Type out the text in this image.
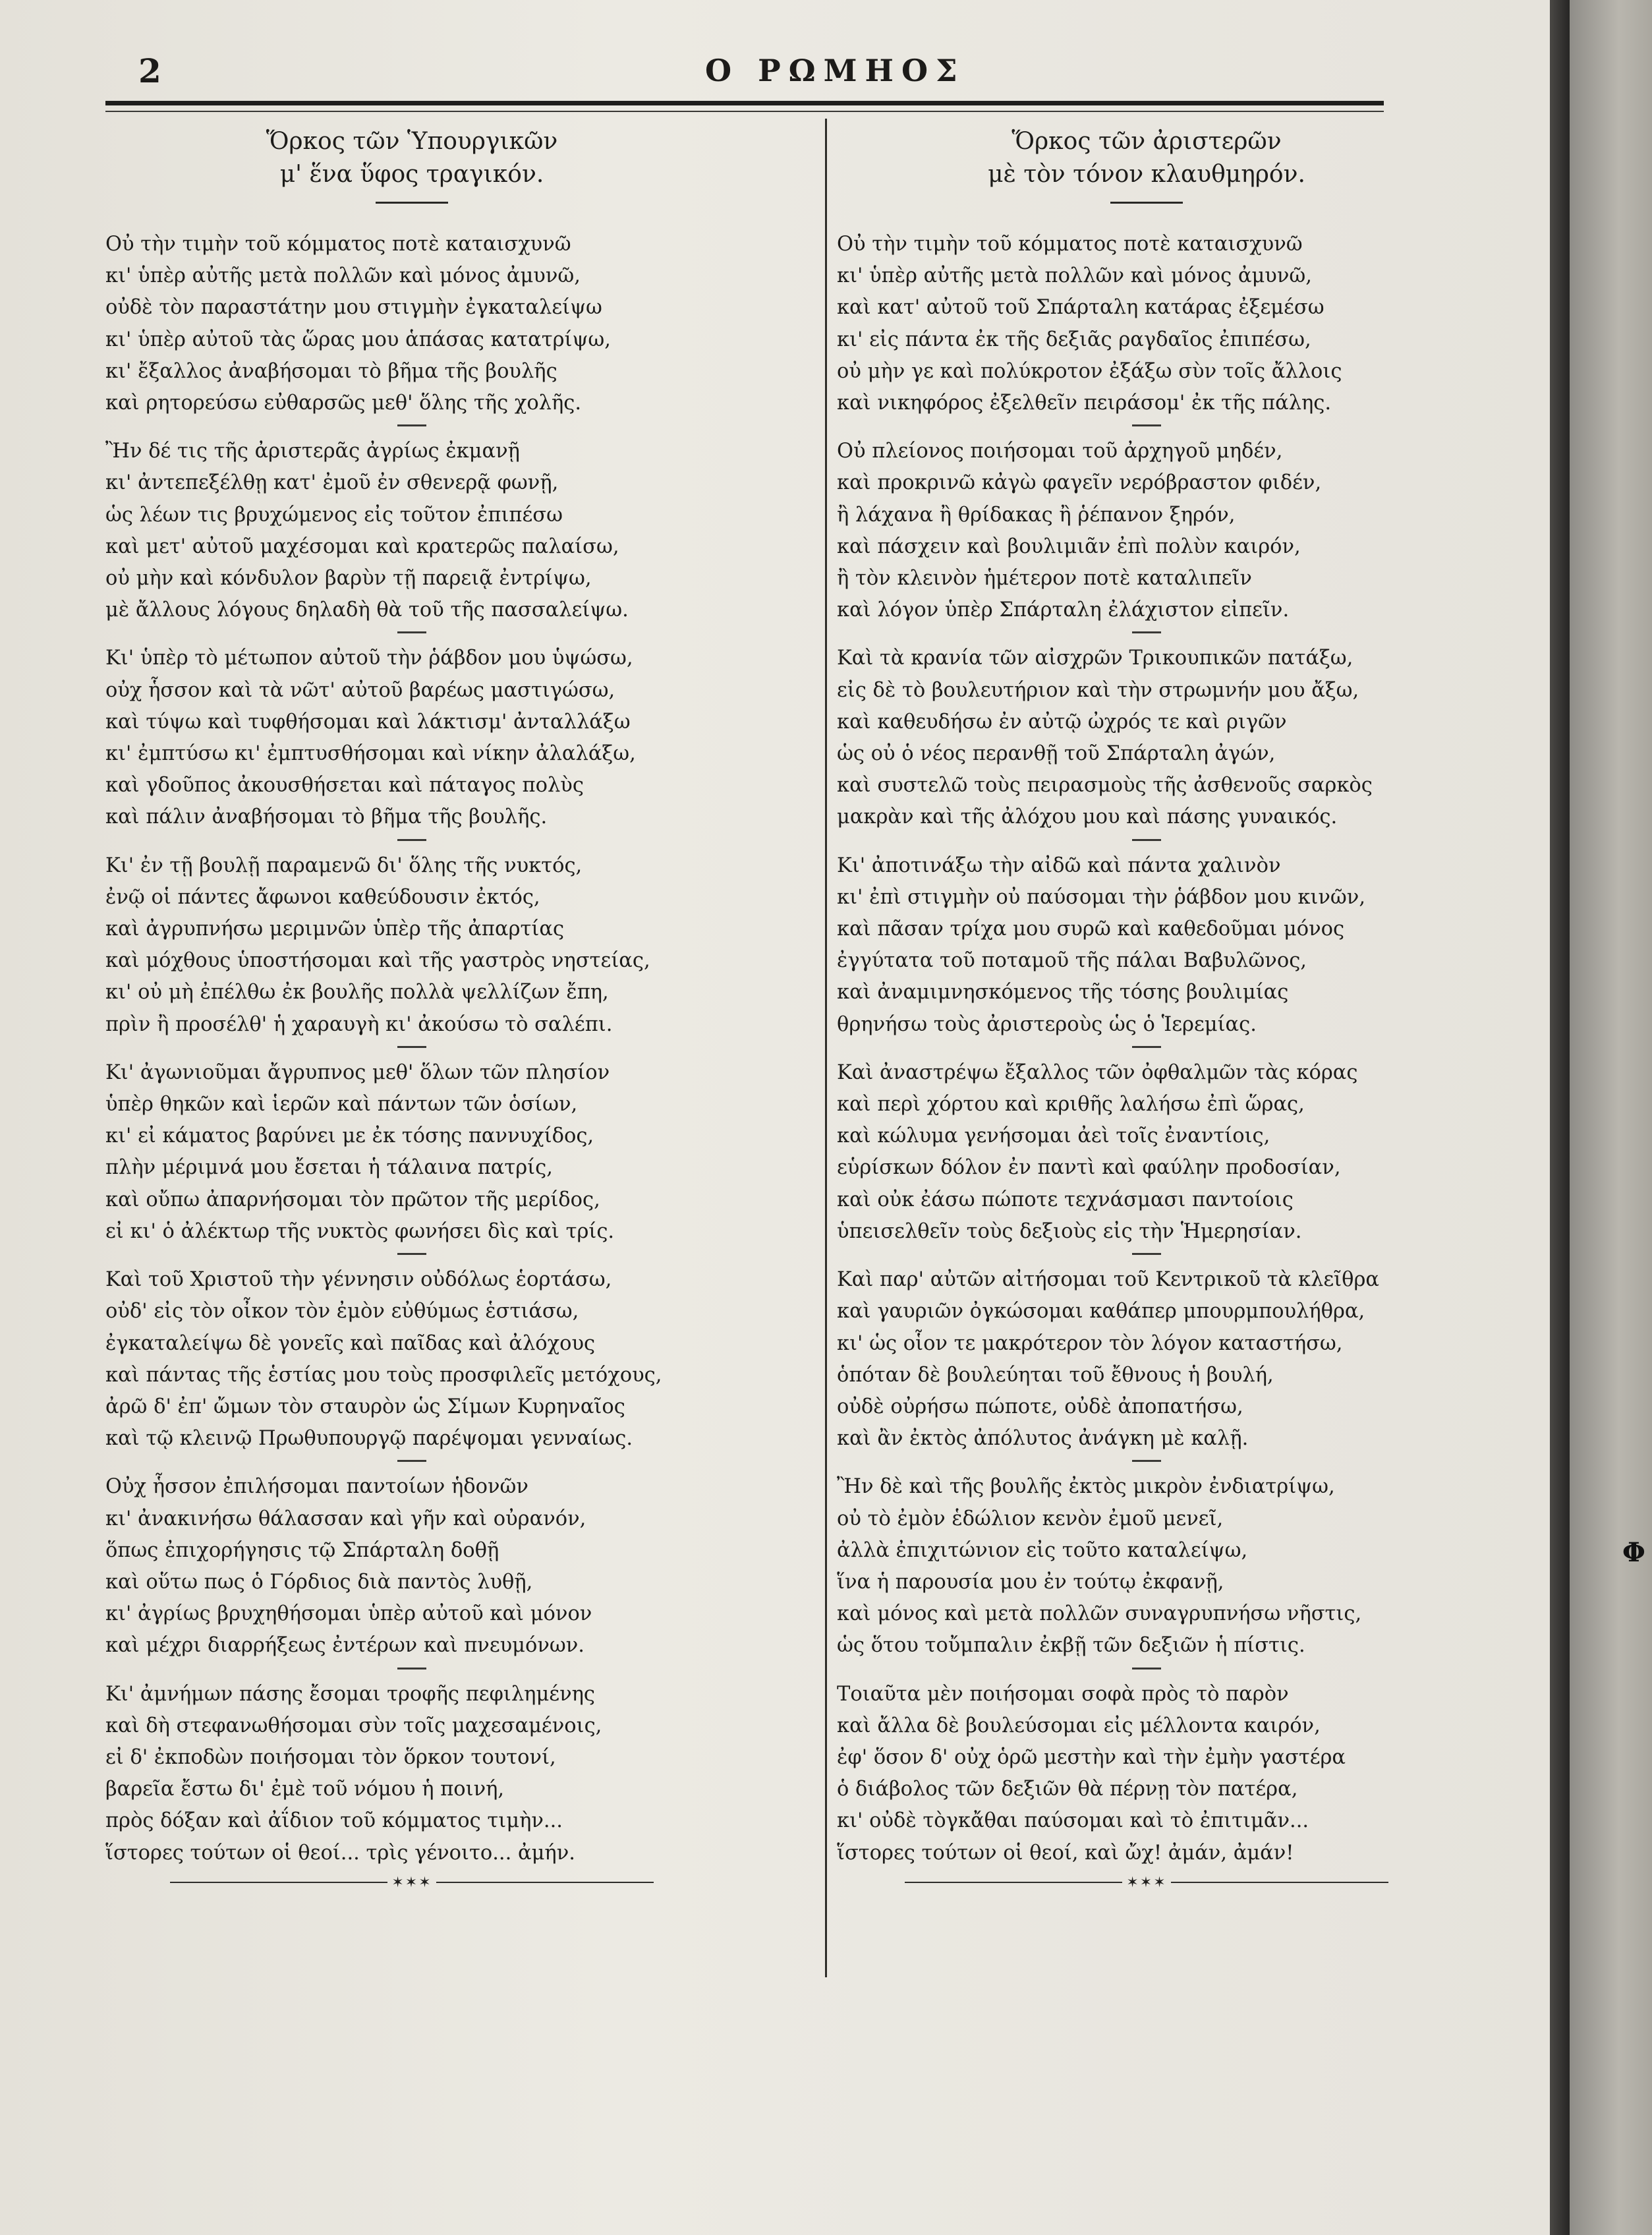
Φ
2	Ο ΡΩΜΗΟΣ
Ὅρκος τῶν Ὑπουργικῶν
μ' ἕνα ὕφος τραγικόν.
Οὐ τὴν τιμὴν τοῦ κόμματος ποτὲ καταισχυνῶ
κι' ὑπὲρ αὐτῆς μετὰ πολλῶν καὶ μόνος ἀμυνῶ,
οὐδὲ τὸν παραστάτην μου στιγμὴν ἐγκαταλείψω
κι' ὑπὲρ αὐτοῦ τὰς ὥρας μου ἁπάσας κατατρίψω,
κι' ἔξαλλος ἀναβήσομαι τὸ βῆμα τῆς βουλῆς
καὶ ρητορεύσω εὐθαρσῶς μεθ' ὅλης τῆς χολῆς.
Ἢν δέ τις τῆς ἀριστερᾶς ἀγρίως ἐκμανῇ
κι' ἀντεπεξέλθῃ κατ' ἐμοῦ ἐν σθενερᾷ φωνῇ,
ὡς λέων τις βρυχώμενος εἰς τοῦτον ἐπιπέσω
καὶ μετ' αὐτοῦ μαχέσομαι καὶ κρατερῶς παλαίσω,
οὐ μὴν καὶ κόνδυλον βαρὺν τῇ παρειᾷ ἐντρίψω,
μὲ ἄλλους λόγους δηλαδὴ θὰ τοῦ τῆς πασσαλείψω.
Κι' ὑπὲρ τὸ μέτωπον αὐτοῦ τὴν ῥάβδον μου ὑψώσω,
οὐχ ἧσσον καὶ τὰ νῶτ' αὐτοῦ βαρέως μαστιγώσω,
καὶ τύψω καὶ τυφθήσομαι καὶ λάκτισμ' ἀνταλλάξω
κι' ἐμπτύσω κι' ἐμπτυσθήσομαι καὶ νίκην ἀλαλάξω,
καὶ γδοῦπος ἀκουσθήσεται καὶ πάταγος πολὺς
καὶ πάλιν ἀναβήσομαι τὸ βῆμα τῆς βουλῆς.
Κι' ἐν τῇ βουλῇ παραμενῶ δι' ὅλης τῆς νυκτός,
ἐνῷ οἱ πάντες ἄφωνοι καθεύδουσιν ἐκτός,
καὶ ἀγρυπνήσω μεριμνῶν ὑπὲρ τῆς ἀπαρτίας
καὶ μόχθους ὑποστήσομαι καὶ τῆς γαστρὸς νηστείας,
κι' οὐ μὴ ἐπέλθω ἐκ βουλῆς πολλὰ ψελλίζων ἔπη,
πρὶν ἢ προσέλθ' ἡ χαραυγὴ κι' ἀκούσω τὸ σαλέπι.
Κι' ἀγωνιοῦμαι ἄγρυπνος μεθ' ὅλων τῶν πλησίον
ὑπὲρ θηκῶν καὶ ἱερῶν καὶ πάντων τῶν ὁσίων,
κι' εἰ κάματος βαρύνει με ἐκ τόσης παννυχίδος,
πλὴν μέριμνά μου ἔσεται ἡ τάλαινα πατρίς,
καὶ οὔπω ἀπαρνήσομαι τὸν πρῶτον τῆς μερίδος,
εἰ κι' ὁ ἀλέκτωρ τῆς νυκτὸς φωνήσει δὶς καὶ τρίς.
Καὶ τοῦ Χριστοῦ τὴν γέννησιν οὐδόλως ἑορτάσω,
οὐδ' εἰς τὸν οἶκον τὸν ἐμὸν εὐθύμως ἑστιάσω,
ἐγκαταλείψω δὲ γονεῖς καὶ παῖδας καὶ ἀλόχους
καὶ πάντας τῆς ἑστίας μου τοὺς προσφιλεῖς μετόχους,
ἀρῶ δ' ἐπ' ὤμων τὸν σταυρὸν ὡς Σίμων Κυρηναῖος
καὶ τῷ κλεινῷ Πρωθυπουργῷ παρέψομαι γενναίως.
Οὐχ ἧσσον ἐπιλήσομαι παντοίων ἡδονῶν
κι' ἀνακινήσω θάλασσαν καὶ γῆν καὶ οὐρανόν,
ὅπως ἐπιχορήγησις τῷ Σπάρταλη δοθῇ
καὶ οὕτω πως ὁ Γόρδιος διὰ παντὸς λυθῇ,
κι' ἀγρίως βρυχηθήσομαι ὑπὲρ αὐτοῦ καὶ μόνον
καὶ μέχρι διαρρήξεως ἐντέρων καὶ πνευμόνων.
Κι' ἀμνήμων πάσης ἔσομαι τροφῆς πεφιλημένης
καὶ δὴ στεφανωθήσομαι σὺν τοῖς μαχεσαμένοις,
εἰ δ' ἐκποδὼν ποιήσομαι τὸν ὅρκον τουτονί,
βαρεῖα ἔστω δι' ἐμὲ τοῦ νόμου ἡ ποινή,
πρὸς δόξαν καὶ ἀΐδιον τοῦ κόμματος τιμὴν...
ἵστορες τούτων οἱ θεοί... τρὶς γένοιτο... ἀμήν.
✶✶✶
Ὅρκος τῶν ἀριστερῶν
μὲ τὸν τόνον κλαυθμηρόν.
Οὐ τὴν τιμὴν τοῦ κόμματος ποτὲ καταισχυνῶ
κι' ὑπὲρ αὐτῆς μετὰ πολλῶν καὶ μόνος ἀμυνῶ,
καὶ κατ' αὐτοῦ τοῦ Σπάρταλη κατάρας ἐξεμέσω
κι' εἰς πάντα ἐκ τῆς δεξιᾶς ραγδαῖος ἐπιπέσω,
οὐ μὴν γε καὶ πολύκροτον ἐξάξω σὺν τοῖς ἄλλοις
καὶ νικηφόρος ἐξελθεῖν πειράσομ' ἐκ τῆς πάλης.
Οὐ πλείονος ποιήσομαι τοῦ ἀρχηγοῦ μηδέν,
καὶ προκρινῶ κἀγὼ φαγεῖν νερόβραστον φιδέν,
ἢ λάχανα ἢ θρίδακας ἢ ῥέπανον ξηρόν,
καὶ πάσχειν καὶ βουλιμιᾶν ἐπὶ πολὺν καιρόν,
ἢ τὸν κλεινὸν ἡμέτερον ποτὲ καταλιπεῖν
καὶ λόγον ὑπὲρ Σπάρταλη ἐλάχιστον εἰπεῖν.
Καὶ τὰ κρανία τῶν αἰσχρῶν Τρικουπικῶν πατάξω,
εἰς δὲ τὸ βουλευτήριον καὶ τὴν στρωμνήν μου ἄξω,
καὶ καθευδήσω ἐν αὐτῷ ὠχρός τε καὶ ριγῶν
ὡς οὐ ὁ νέος περανθῇ τοῦ Σπάρταλη ἀγών,
καὶ συστελῶ τοὺς πειρασμοὺς τῆς ἀσθενοῦς σαρκὸς
μακρὰν καὶ τῆς ἀλόχου μου καὶ πάσης γυναικός.
Κι' ἀποτινάξω τὴν αἰδῶ καὶ πάντα χαλινὸν
κι' ἐπὶ στιγμὴν οὐ παύσομαι τὴν ῥάβδον μου κινῶν,
καὶ πᾶσαν τρίχα μου συρῶ καὶ καθεδοῦμαι μόνος
ἐγγύτατα τοῦ ποταμοῦ τῆς πάλαι Βαβυλῶνος,
καὶ ἀναμιμνησκόμενος τῆς τόσης βουλιμίας
θρηνήσω τοὺς ἀριστεροὺς ὡς ὁ Ἱερεμίας.
Καὶ ἀναστρέψω ἔξαλλος τῶν ὀφθαλμῶν τὰς κόρας
καὶ περὶ χόρτου καὶ κριθῆς λαλήσω ἐπὶ ὥρας,
καὶ κώλυμα γενήσομαι ἀεὶ τοῖς ἐναντίοις,
εὑρίσκων δόλον ἐν παντὶ καὶ φαύλην προδοσίαν,
καὶ οὐκ ἐάσω πώποτε τεχνάσμασι παντοίοις
ὑπεισελθεῖν τοὺς δεξιοὺς εἰς τὴν Ἡμερησίαν.
Καὶ παρ' αὐτῶν αἰτήσομαι τοῦ Κεντρικοῦ τὰ κλεῖθρα
καὶ γαυριῶν ὀγκώσομαι καθάπερ μπουρμπουλήθρα,
κι' ὡς οἷον τε μακρότερον τὸν λόγον καταστήσω,
ὁπόταν δὲ βουλεύηται τοῦ ἔθνους ἡ βουλή,
οὐδὲ οὐρήσω πώποτε, οὐδὲ ἀποπατήσω,
καὶ ἂν ἐκτὸς ἀπόλυτος ἀνάγκη μὲ καλῇ.
Ἢν δὲ καὶ τῆς βουλῆς ἐκτὸς μικρὸν ἐνδιατρίψω,
οὐ τὸ ἐμὸν ἑδώλιον κενὸν ἐμοῦ μενεῖ,
ἀλλὰ ἐπιχιτώνιον εἰς τοῦτο καταλείψω,
ἵνα ἡ παρουσία μου ἐν τούτῳ ἐκφανῇ,
καὶ μόνος καὶ μετὰ πολλῶν συναγρυπνήσω νῆστις,
ὡς ὅτου τοὔμπαλιν ἐκβῇ τῶν δεξιῶν ἡ πίστις.
Τοιαῦτα μὲν ποιήσομαι σοφὰ πρὸς τὸ παρὸν
καὶ ἄλλα δὲ βουλεύσομαι εἰς μέλλοντα καιρόν,
ἐφ' ὅσον δ' οὐχ ὁρῶ μεστὴν καὶ τὴν ἐμὴν γαστέρα
ὁ διάβολος τῶν δεξιῶν θὰ πέρνῃ τὸν πατέρα,
κι' οὐδὲ τὸγκἄθαι παύσομαι καὶ τὸ ἐπιτιμᾶν...
ἵστορες τούτων οἱ θεοί, καὶ ὤχ! ἀμάν, ἀμάν!
✶✶✶
